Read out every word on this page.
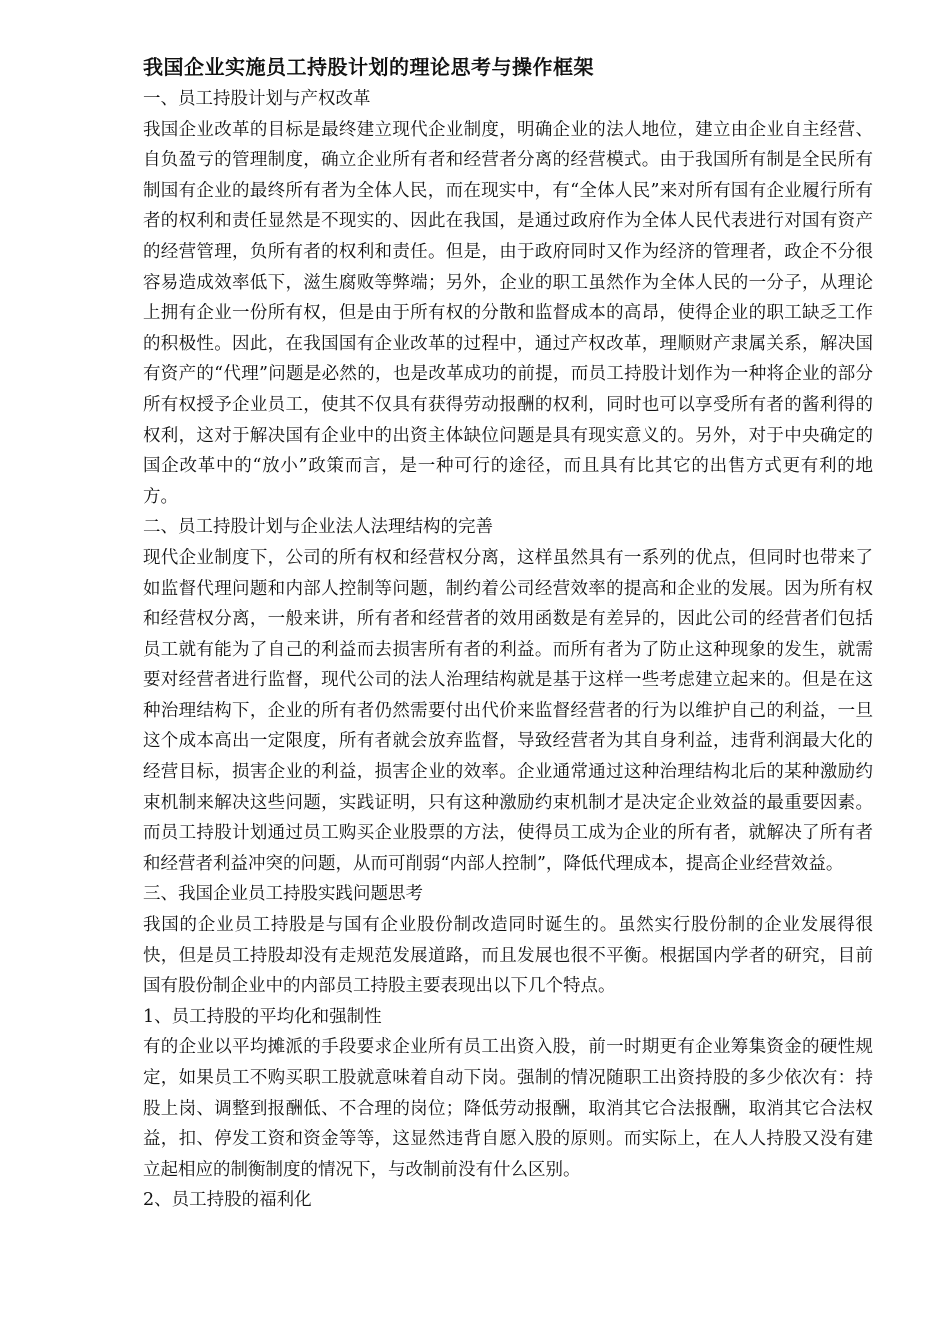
我国企业实施员工持股计划的理论思考与操作框架

一、员工持股计划与产权改革

我国企业改革的目标是最终建立现代企业制度，明确企业的法人地位，建立由企业自主经营、自负盈亏的管理制度，确立企业所有者和经营者分离的经营模式。由于我国所有制是全民所有制国有企业的最终所有者为全体人民，而在现实中，有“全体人民”来对所有国有企业履行所有者的权利和责任显然是不现实的、因此在我国，是通过政府作为全体人民代表进行对国有资产的经营管理，负所有者的权利和责任。但是，由于政府同时又作为经济的管理者，政企不分很容易造成效率低下，滋生腐败等弊端；另外，企业的职工虽然作为全体人民的一分子，从理论上拥有企业一份所有权，但是由于所有权的分散和监督成本的高昂，使得企业的职工缺乏工作的积极性。因此，在我国国有企业改革的过程中，通过产权改革，理顺财产隶属关系，解决国有资产的“代理”问题是必然的，也是改革成功的前提，而员工持股计划作为一种将企业的部分所有权授予企业员工，使其不仅具有获得劳动报酬的权利，同时也可以享受所有者的酱利得的权利，这对于解决国有企业中的出资主体缺位问题是具有现实意义的。另外，对于中央确定的国企改革中的“放小”政策而言，是一种可行的途径，而且具有比其它的出售方式更有利的地方。

二、员工持股计划与企业法人法理结构的完善

现代企业制度下，公司的所有权和经营权分离，这样虽然具有一系列的优点，但同时也带来了如监督代理问题和内部人控制等问题，制约着公司经营效率的提高和企业的发展。因为所有权和经营权分离，一般来讲，所有者和经营者的效用函数是有差异的，因此公司的经营者们包括员工就有能为了自己的利益而去损害所有者的利益。而所有者为了防止这种现象的发生，就需要对经营者进行监督，现代公司的法人治理结构就是基于这样一些考虑建立起来的。但是在这种治理结构下，企业的所有者仍然需要付出代价来监督经营者的行为以维护自己的利益，一旦这个成本高出一定限度，所有者就会放弃监督，导致经营者为其自身利益，违背利润最大化的经营目标，损害企业的利益，损害企业的效率。企业通常通过这种治理结构北后的某种激励约束机制来解决这些问题，实践证明，只有这种激励约束机制才是决定企业效益的最重要因素。而员工持股计划通过员工购买企业股票的方法，使得员工成为企业的所有者，就解决了所有者和经营者利益冲突的问题，从而可削弱“内部人控制”，降低代理成本，提高企业经营效益。

三、我国企业员工持股实践问题思考

我国的企业员工持股是与国有企业股份制改造同时诞生的。虽然实行股份制的企业发展得很快，但是员工持股却没有走规范发展道路，而且发展也很不平衡。根据国内学者的研究，目前国有股份制企业中的内部员工持股主要表现出以下几个特点。

1、员工持股的平均化和强制性

有的企业以平均摊派的手段要求企业所有员工出资入股，前一时期更有企业筹集资金的硬性规定，如果员工不购买职工股就意味着自动下岗。强制的情况随职工出资持股的多少依次有：持股上岗、调整到报酬低、不合理的岗位；降低劳动报酬，取消其它合法报酬，取消其它合法权益，扣、停发工资和资金等等，这显然违背自愿入股的原则。而实际上，在人人持股又没有建立起相应的制衡制度的情况下，与改制前没有什么区别。

2、员工持股的福利化
